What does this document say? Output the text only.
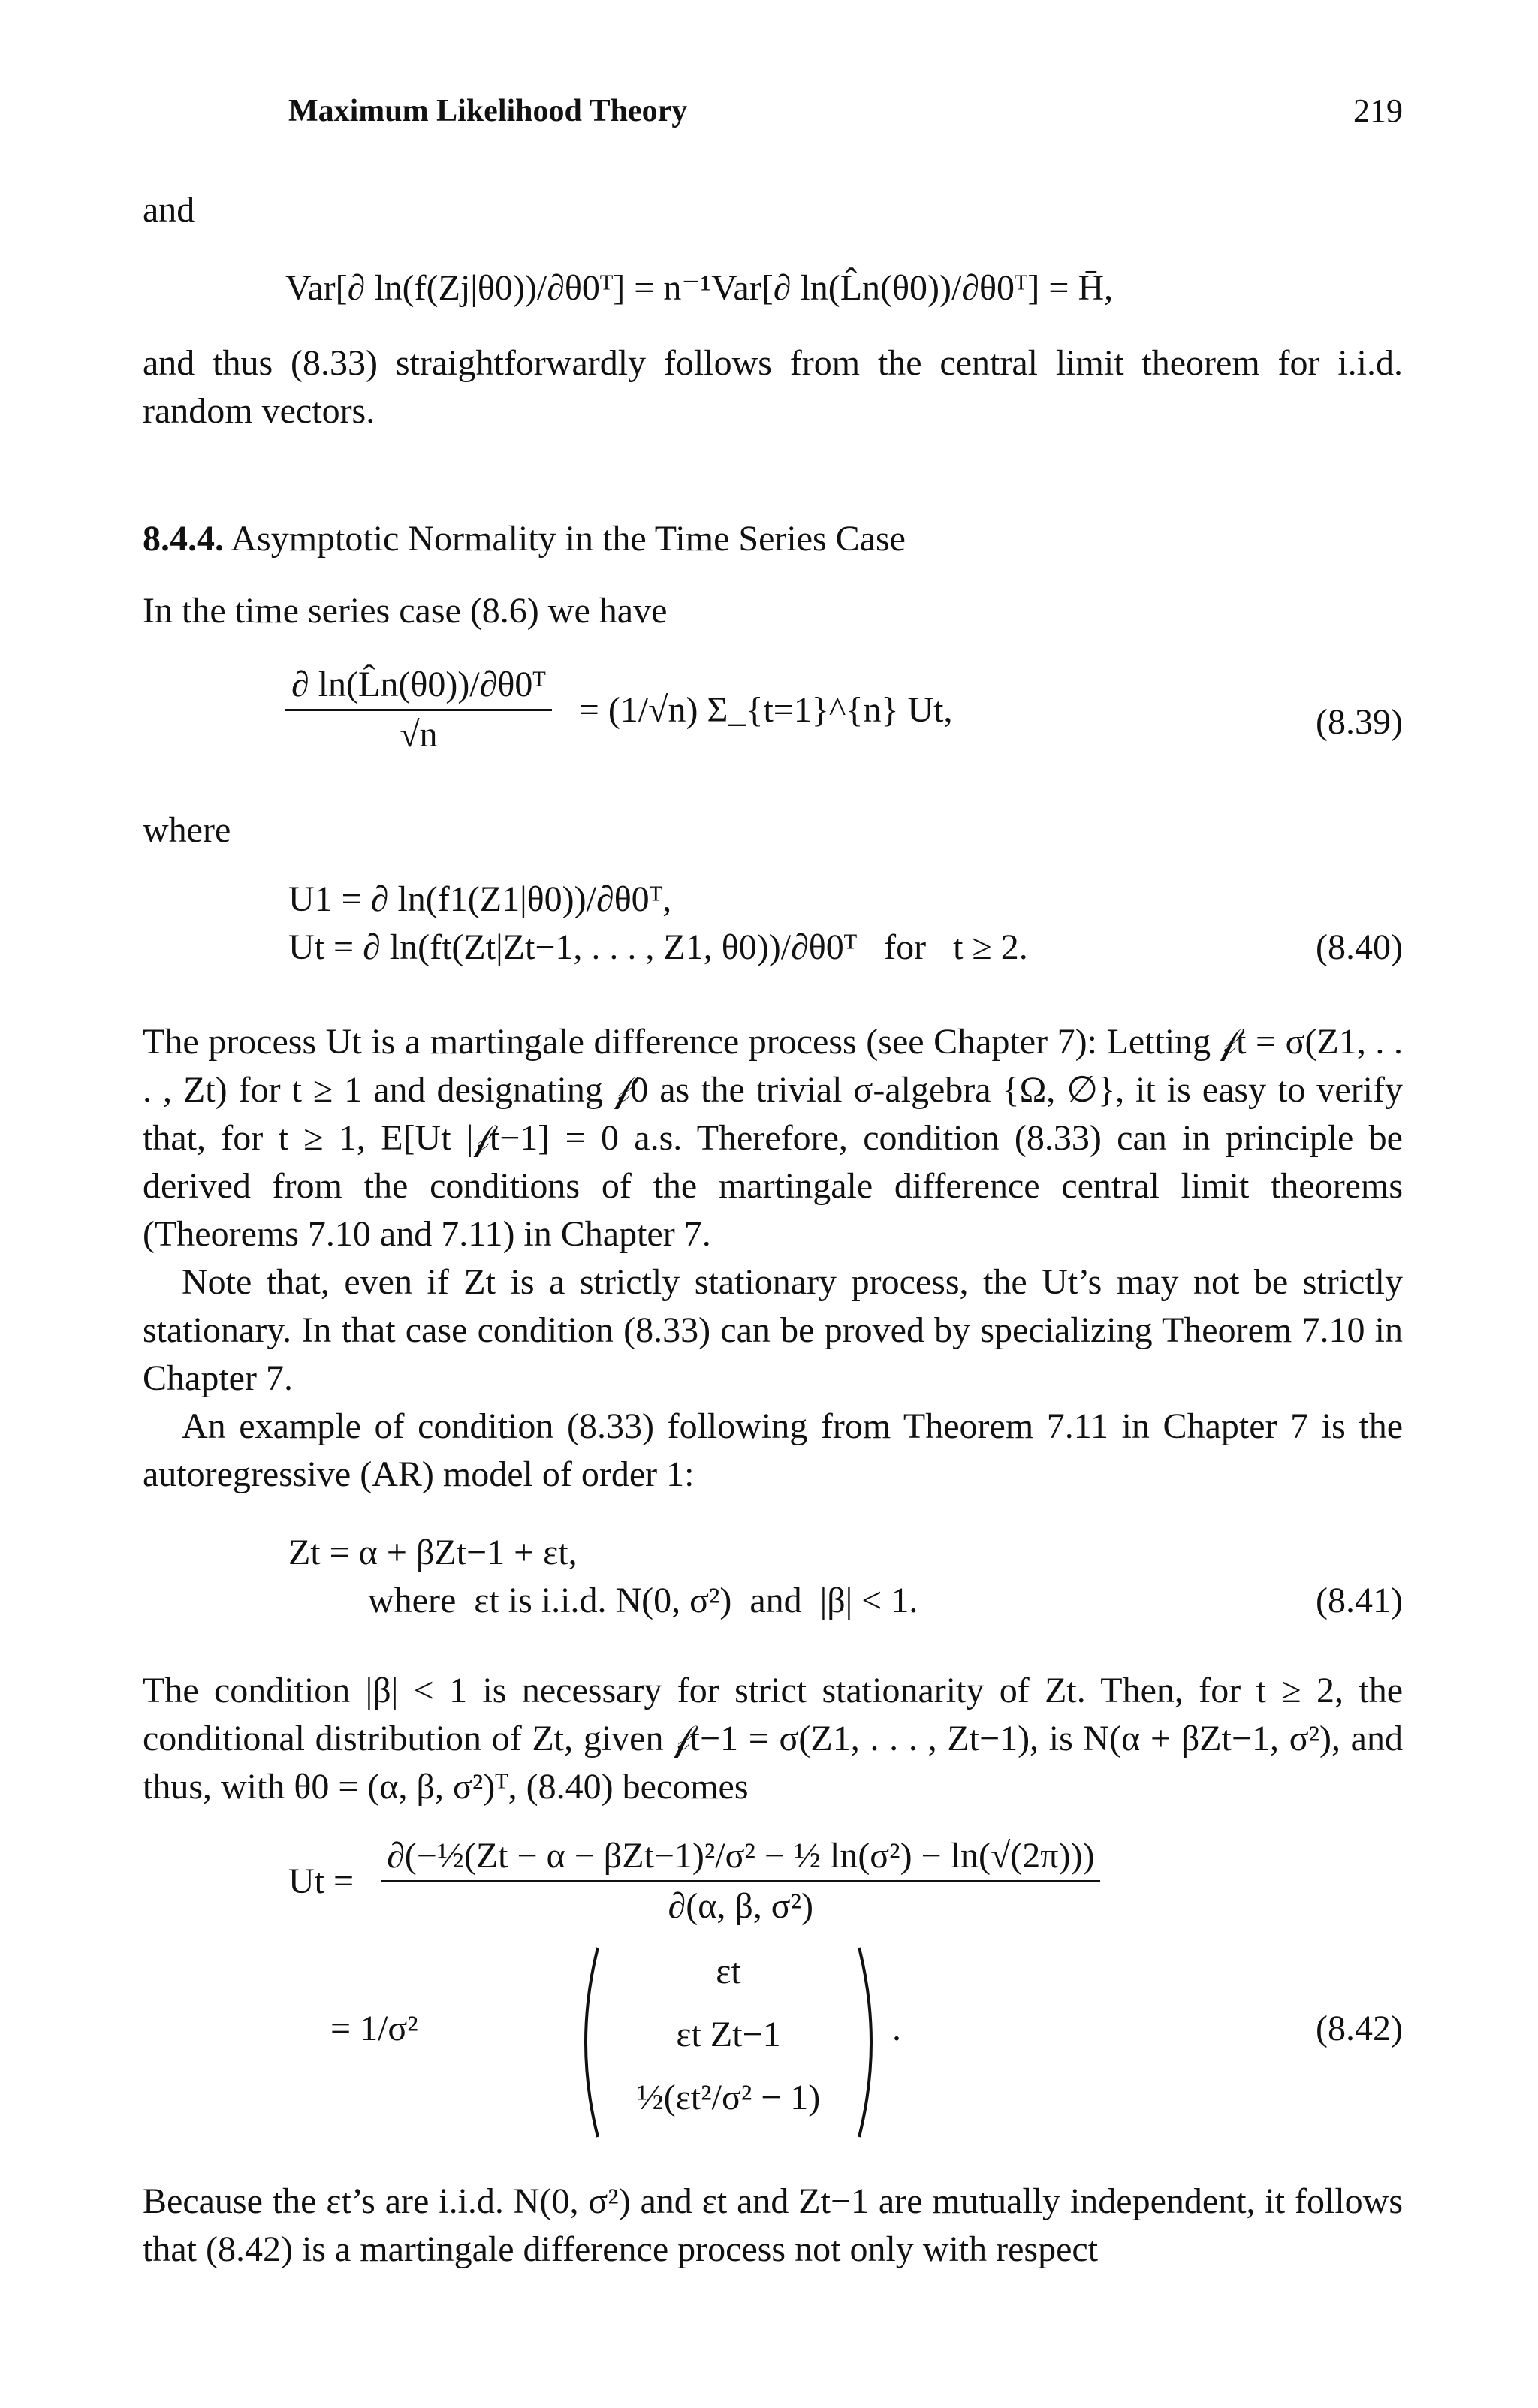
Maximum Likelihood Theory	219
and
Var[∂ ln(f(Zj|θ0))/∂θ0ᵀ] = n⁻¹Var[∂ ln(L̂n(θ0))/∂θ0ᵀ] = H̄,
and thus (8.33) straightforwardly follows from the central limit theorem for i.i.d. random vectors.
8.4.4. Asymptotic Normality in the Time Series Case
In the time series case (8.6) we have
$\frac{\text{∂ ln(L̂n(θ0))/∂θ0ᵀ}}{√n} = (1/√n)$ Σ_{t=1}^{n} Ut,	(8.39)
where
U1 = ∂ ln(f1(Z1|θ0))/∂θ0ᵀ,
Ut = ∂ ln(ft(Zt|Zt−1, . . . , Z1, θ0))/∂θ0ᵀ   for   t ≥ 2.	(8.40)
The process Ut is a martingale difference process (see Chapter 7): Letting 𝒻t = σ(Z1, . . . , Zt) for t ≥ 1 and designating 𝒻0 as the trivial σ-algebra {Ω, ∅}, it is easy to verify that, for t ≥ 1, E[Ut |𝒻t−1] = 0 a.s. Therefore, condition (8.33) can in principle be derived from the conditions of the martingale difference central limit theorems (Theorems 7.10 and 7.11) in Chapter 7.
Note that, even if Zt is a strictly stationary process, the Ut’s may not be strictly stationary. In that case condition (8.33) can be proved by specializing Theorem 7.10 in Chapter 7.
An example of condition (8.33) following from Theorem 7.11 in Chapter 7 is the autoregressive (AR) model of order 1:
Zt = α + βZt−1 + εt,
where  εt is i.i.d. N(0, σ²)  and  |β| < 1.	(8.41)
The condition |β| < 1 is necessary for strict stationarity of Zt. Then, for t ≥ 2, the conditional distribution of Zt, given 𝒻t−1 = σ(Z1, . . . , Zt−1), is N(α + βZt−1, σ²), and thus, with θ0 = (α, β, σ²)ᵀ, (8.40) becomes
$Ut = \frac{\text{∂(−½(Zt − α − βZt−1)²/σ² − ½ ln(σ²) − ln(√(2π)))}}{\text{∂(α, β, σ²)}}$
= 1/σ²
εt
εt Zt−1
½(εt²/σ² − 1)
.	(8.42)
Because the εt’s are i.i.d. N(0, σ²) and εt and Zt−1 are mutually independent, it follows that (8.42) is a martingale difference process not only with respect
